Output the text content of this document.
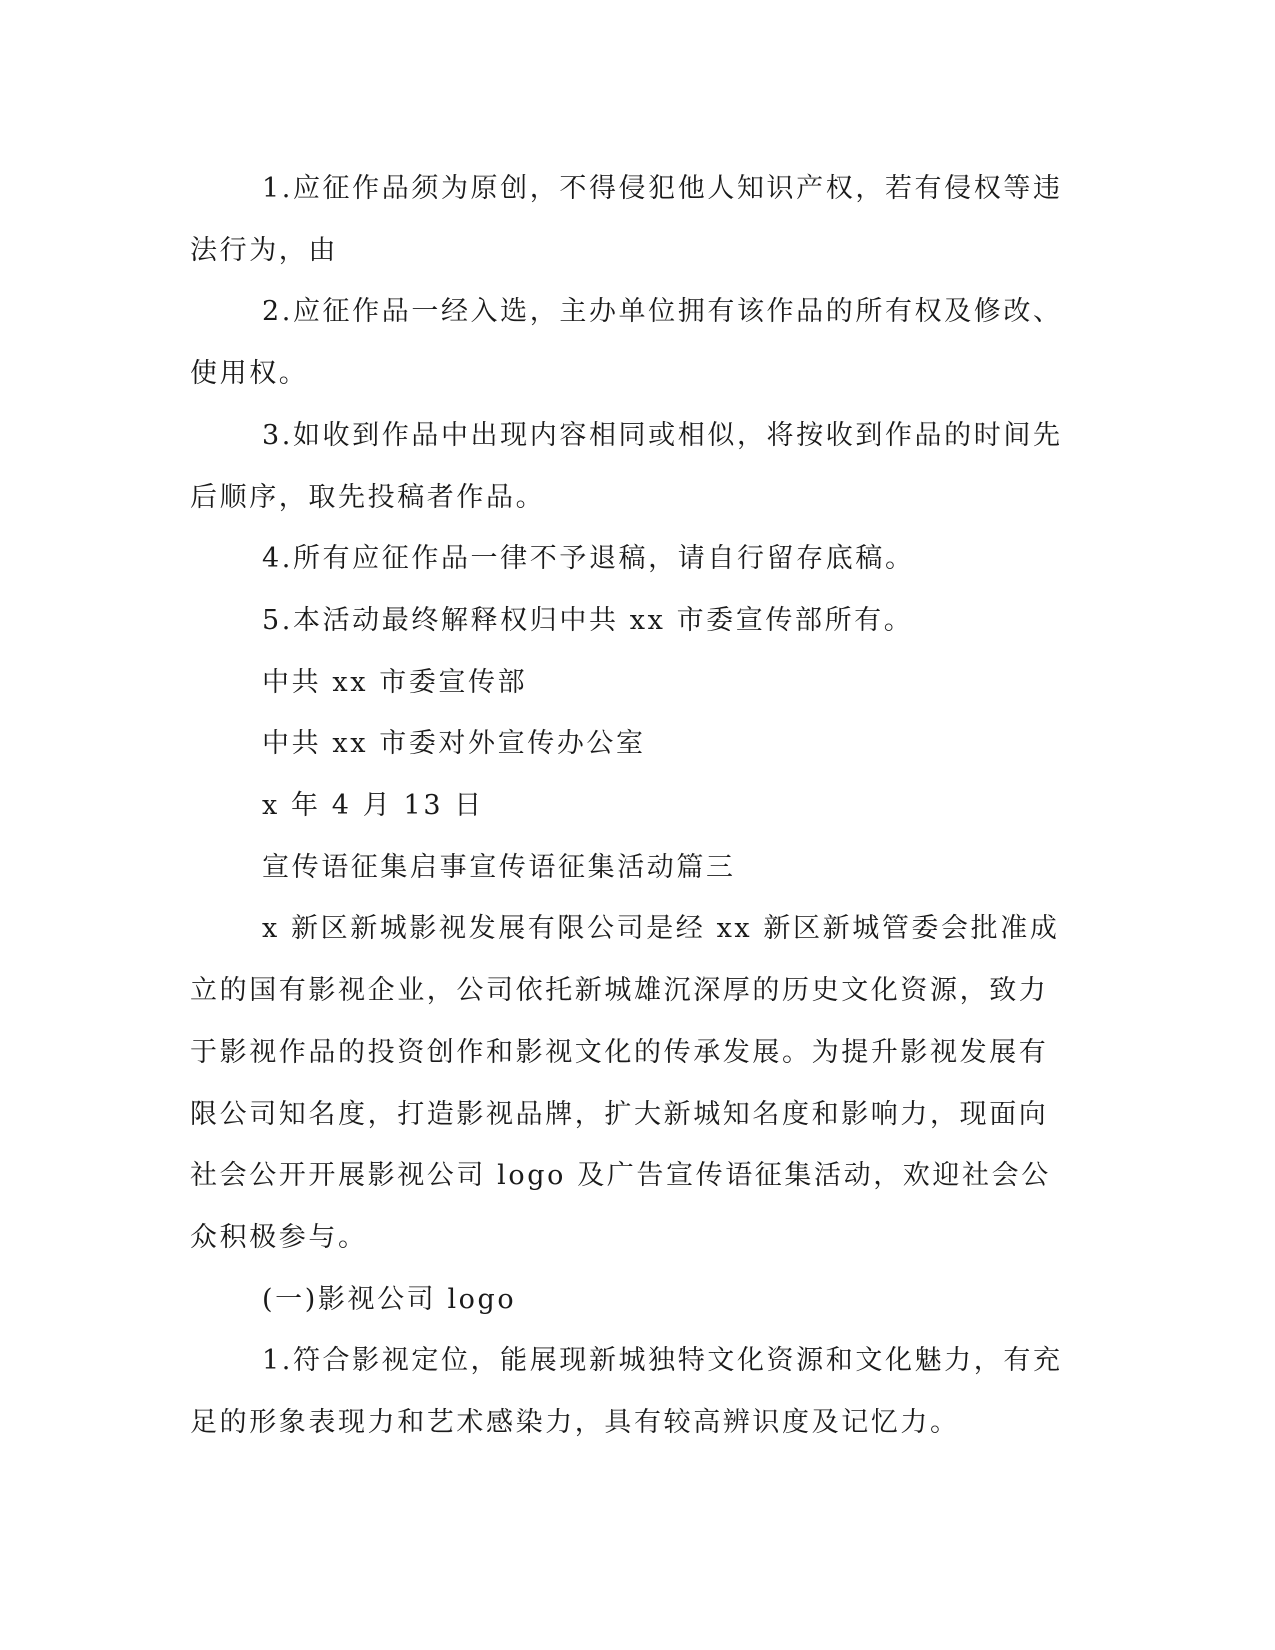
1.应征作品须为原创，不得侵犯他人知识产权，若有侵权等违法行为，由

2.应征作品一经入选，主办单位拥有该作品的所有权及修改、使用权。

3.如收到作品中出现内容相同或相似，将按收到作品的时间先后顺序，取先投稿者作品。

4.所有应征作品一律不予退稿，请自行留存底稿。

5.本活动最终解释权归中共 xx 市委宣传部所有。

中共 xx 市委宣传部

中共 xx 市委对外宣传办公室

x 年 4 月 13 日

宣传语征集启事宣传语征集活动篇三

x 新区新城影视发展有限公司是经 xx 新区新城管委会批准成立的国有影视企业，公司依托新城雄沉深厚的历史文化资源，致力于影视作品的投资创作和影视文化的传承发展。为提升影视发展有限公司知名度，打造影视品牌，扩大新城知名度和影响力，现面向社会公开开展影视公司 logo 及广告宣传语征集活动，欢迎社会公众积极参与。

(一)影视公司 logo

1.符合影视定位，能展现新城独特文化资源和文化魅力，有充足的形象表现力和艺术感染力，具有较高辨识度及记忆力。
